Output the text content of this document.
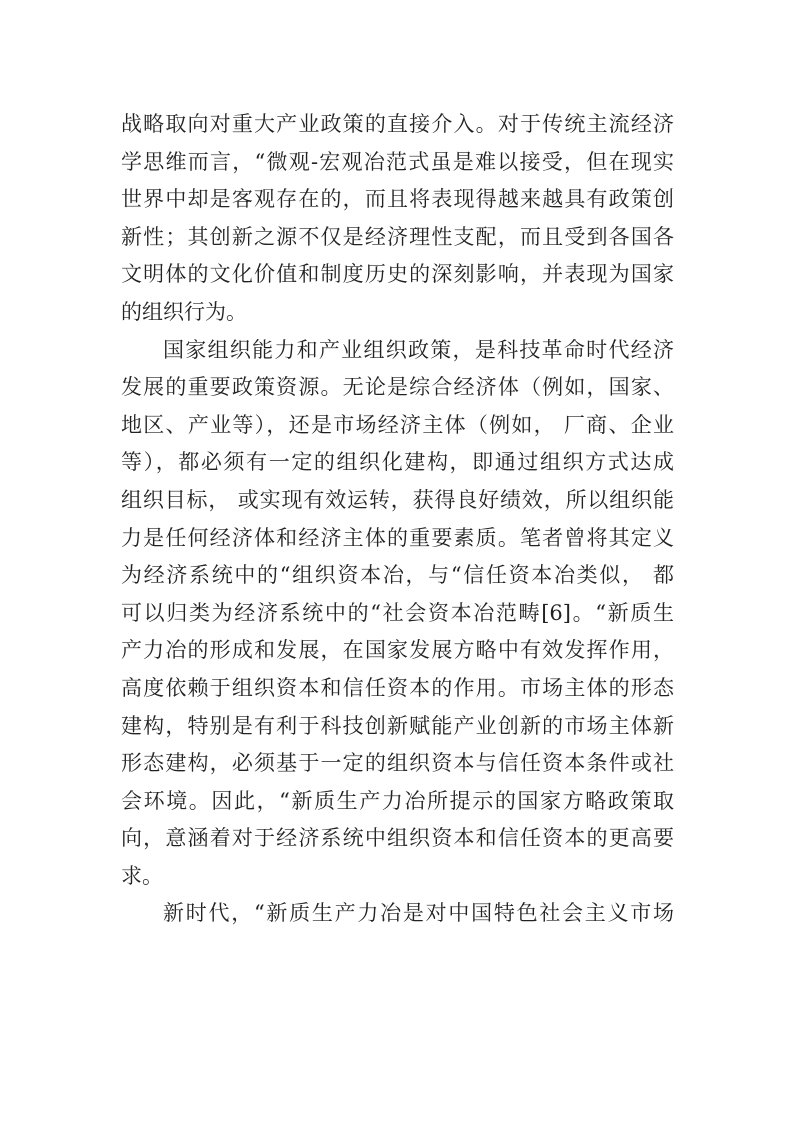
战略取向对重大产业政策的直接介入。对于传统主流经济
学思维而言，“微观-宏观冶范式虽是难以接受，但在现实
世界中却是客观存在的，而且将表现得越来越具有政策创
新性；其创新之源不仅是经济理性支配，而且受到各国各
文明体的文化价值和制度历史的深刻影响，并表现为国家
的组织行为。
国家组织能力和产业组织政策，是科技革命时代经济
发展的重要政策资源。无论是综合经济体（例如，国家、
地区、产业等），还是市场经济主体（例如， 厂商、企业
等），都必须有一定的组织化建构，即通过组织方式达成
组织目标， 或实现有效运转，获得良好绩效，所以组织能
力是任何经济体和经济主体的重要素质。笔者曾将其定义
为经济系统中的“组织资本冶，与“信任资本冶类似， 都
可以归类为经济系统中的“社会资本冶范畴[6]。“新质生
产力冶的形成和发展，在国家发展方略中有效发挥作用，
高度依赖于组织资本和信任资本的作用。市场主体的形态
建构，特别是有利于科技创新赋能产业创新的市场主体新
形态建构，必须基于一定的组织资本与信任资本条件或社
会环境。因此，“新质生产力冶所提示的国家方略政策取
向，意涵着对于经济系统中组织资本和信任资本的更高要
求。
新时代，“新质生产力冶是对中国特色社会主义市场
